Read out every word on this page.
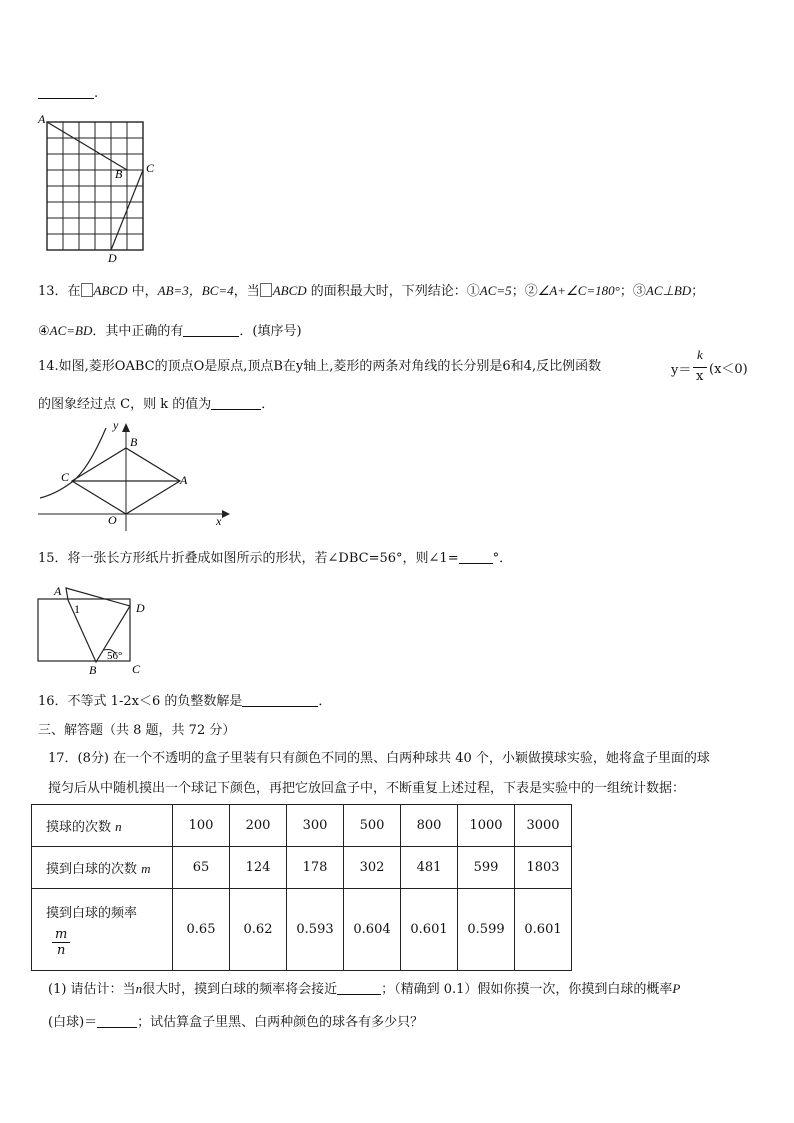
.
A
B C
D
13．在 ABCD 中，AB=3，BC=4，当 ABCD 的面积最大时，下列结论：①AC=5；②∠A+∠C=180°；③AC⊥BD；
④AC=BD．其中正确的有	．(填序号)
14.如图,菱形OABC的顶点O是原点,顶点B在y轴上,菱形的两条对角线的长分别是6和4,反比例函数	y＝
k
x (x＜0)
的图象经过点 C，则 k 的值为	．
y
B
C	A
O	x
15．将一张长方形纸片折叠成如图所示的形状，若∠DBC=56°，则∠1=	°．
A
1	D
56°
B	C
16．不等式 1-2x＜6 的负整数解是	．
三、解答题（共 8 题，共 72 分）
17．(8分) 在一个不透明的盒子里装有只有颜色不同的黑、白两种球共 40 个，小颖做摸球实验，她将盒子里面的球
搅匀后从中随机摸出一个球记下颜色，再把它放回盒子中，不断重复上述过程，下表是实验中的一组统计数据：
摸球的次数 n	100	200	300	500	800	1000	3000
摸到白球的次数 m	65	124	178	302	481	599	1803

摸到白球的频率
$\frac{m}{n}$	0.65	0.62	0.593	0.604	0.601	0.599	0.601
(1) 请估计：当n很大时，摸到白球的频率将会接近	；（精确到 0.1）假如你摸一次，你摸到白球的概率P
(白球)＝	；试估算盒子里黑、白两种颜色的球各有多少只？
